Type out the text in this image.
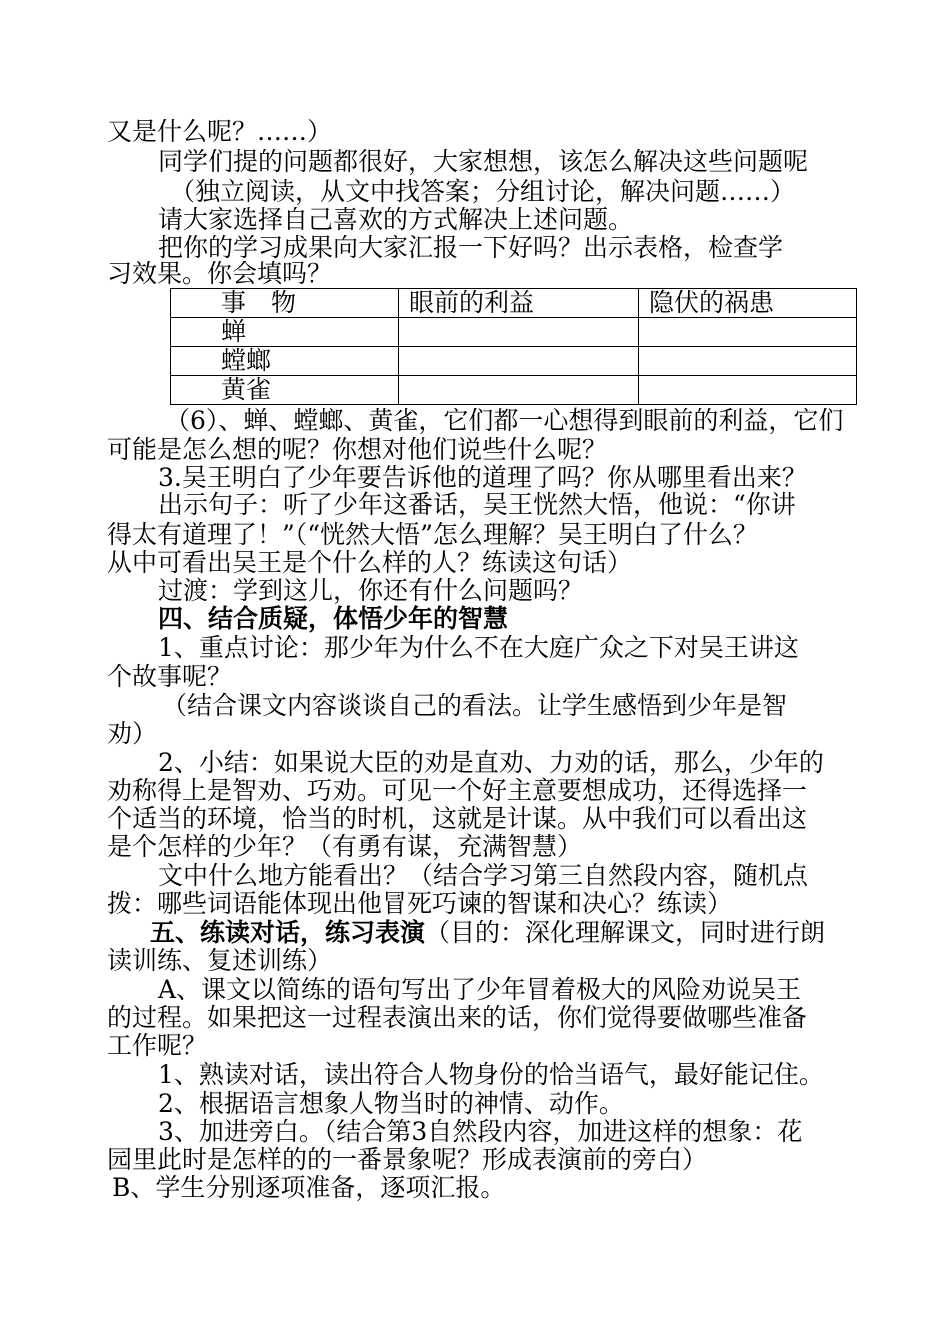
又是什么呢？……）
同学们提的问题都很好，大家想想，该怎么解决这些问题呢
（独立阅读，从文中找答案；分组讨论，解决问题……）
请大家选择自己喜欢的方式解决上述问题。
把你的学习成果向大家汇报一下好吗？出示表格，检查学
习效果。你会填吗？
事　物	眼前的利益	隐伏的祸患
蝉		
螳螂		
黄雀		
（6）、蝉、螳螂、黄雀，它们都一心想得到眼前的利益，它们
可能是怎么想的呢？你想对他们说些什么呢？
3.吴王明白了少年要告诉他的道理了吗？你从哪里看出来？
出示句子：听了少年这番话，吴王恍然大悟，他说：“你讲
得太有道理了！”（“恍然大悟”怎么理解？吴王明白了什么？
从中可看出吴王是个什么样的人？练读这句话）
过渡：学到这儿，你还有什么问题吗？
四、结合质疑，体悟少年的智慧
1、重点讨论：那少年为什么不在大庭广众之下对吴王讲这
个故事呢？
（结合课文内容谈谈自己的看法。让学生感悟到少年是智
劝）
2、小结：如果说大臣的劝是直劝、力劝的话，那么，少年的
劝称得上是智劝、巧劝。可见一个好主意要想成功，还得选择一
个适当的环境，恰当的时机，这就是计谋。从中我们可以看出这
是个怎样的少年？（有勇有谋，充满智慧）
文中什么地方能看出？（结合学习第三自然段内容，随机点
拨：哪些词语能体现出他冒死巧谏的智谋和决心？练读）
五、练读对话，练习表演（目的：深化理解课文，同时进行朗
读训练、复述训练）
A、课文以简练的语句写出了少年冒着极大的风险劝说吴王
的过程。如果把这一过程表演出来的话，你们觉得要做哪些准备
工作呢？
1、熟读对话，读出符合人物身份的恰当语气，最好能记住。
2、根据语言想象人物当时的神情、动作。
3、加进旁白。（结合第3自然段内容，加进这样的想象：花
园里此时是怎样的的一番景象呢？形成表演前的旁白）
B、学生分别逐项准备，逐项汇报。
